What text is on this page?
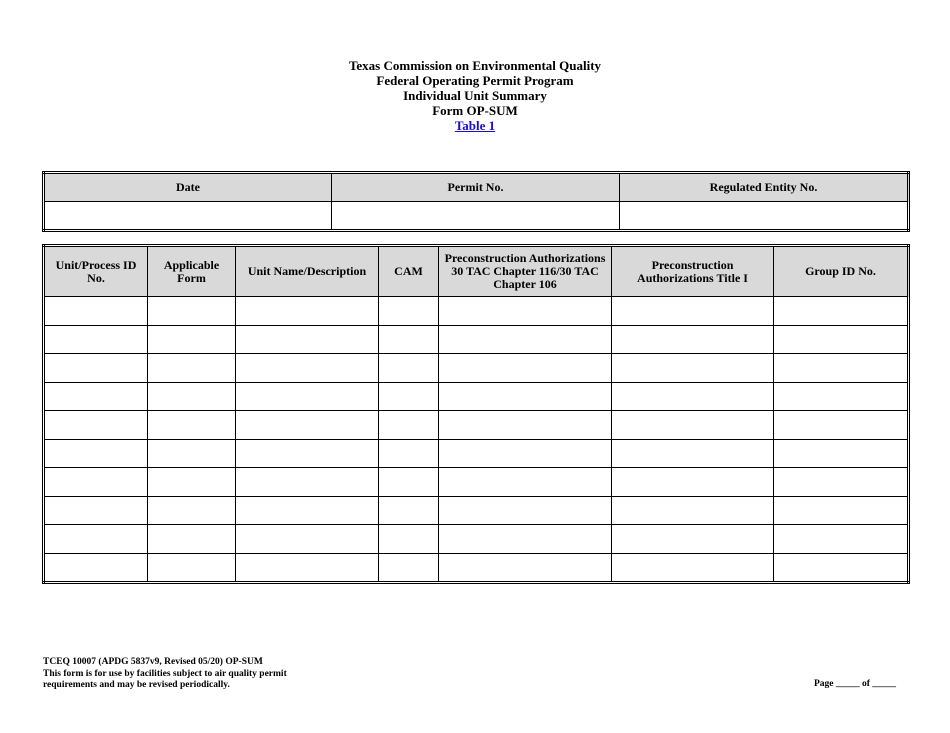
Texas Commission on Environmental Quality
Federal Operating Permit Program
Individual Unit Summary
Form OP-SUM
Table 1
Date	Permit No.	Regulated Entity No.

Unit/Process ID No.	Applicable Form	Unit Name/Description	CAM	Preconstruction Authorizations 30 TAC Chapter 116/30 TAC Chapter 106	Preconstruction Authorizations Title I	Group ID No.

TCEQ 10007 (APDG 5837v9, Revised 05/20) OP-SUM
This form is for use by facilities subject to air quality permit
requirements and may be revised periodically.	Page _____ of _____
